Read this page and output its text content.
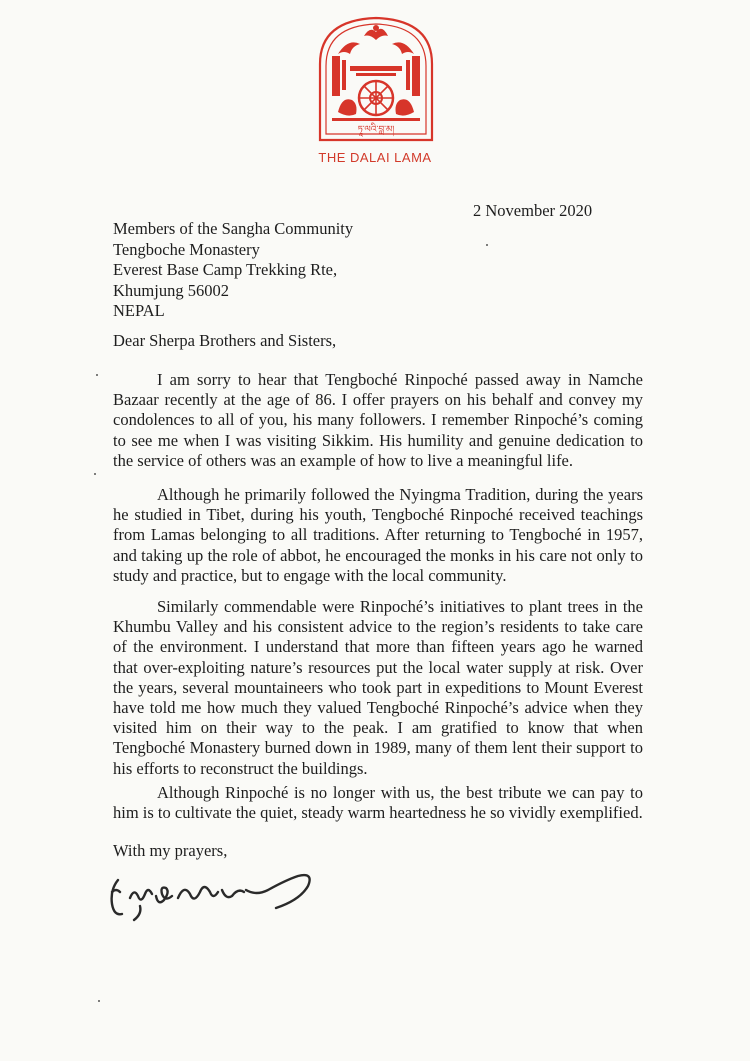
ཏཱ་ལའི་བླ་མ།
THE DALAI LAMA
2 November 2020
Members of the Sangha Community
Tengboche Monastery
Everest Base Camp Trekking Rte,
Khumjung 56002
NEPAL
Dear Sherpa Brothers and Sisters,
I am sorry to hear that Tengboché Rinpoché passed away in Namche Bazaar recently at the age of 86. I offer prayers on his behalf and convey my condolences to all of you, his many followers. I remember Rinpoché’s coming to see me when I was visiting Sikkim. His humility and genuine dedication to the service of others was an example of how to live a meaningful life.
Although he primarily followed the Nyingma Tradition, during the years he studied in Tibet, during his youth, Tengboché Rinpoché received teachings from Lamas belonging to all traditions. After returning to Tengboché in 1957, and taking up the role of abbot, he encouraged the monks in his care not only to study and practice, but to engage with the local community.
Similarly commendable were Rinpoché’s initiatives to plant trees in the Khumbu Valley and his consistent advice to the region’s residents to take care of the environment. I understand that more than fifteen years ago he warned that over-exploiting nature’s resources put the local water supply at risk. Over the years, several mountaineers who took part in expeditions to Mount Everest have told me how much they valued Tengboché Rinpoché’s advice when they visited him on their way to the peak. I am gratified to know that when Tengboché Monastery burned down in 1989, many of them lent their support to his efforts to reconstruct the buildings.
Although Rinpoché is no longer with us, the best tribute we can pay to him is to cultivate the quiet, steady warm heartedness he so vividly exemplified.
With my prayers,
